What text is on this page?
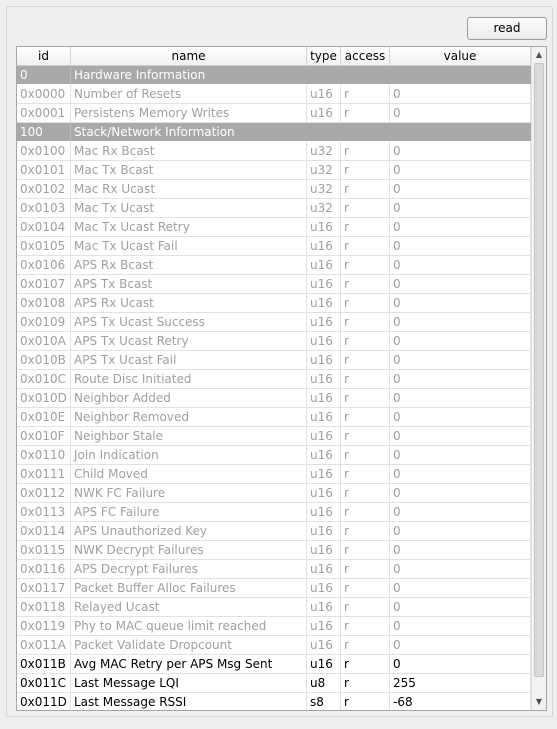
read
id	name	type access	value
0	Hardware Information
0x0000 Number of Resets	u16 r	0
0x0001 Persistens Memory Writes	u16 r	0
100	Stack/Network Information
0x0100 Mac Rx Bcast	u32 r	0
0x0101 Mac Tx Bcast	u32 r	0
0x0102 Mac Rx Ucast	u32 r	0
0x0103 Mac Tx Ucast	u32 r	0
0x0104 Mac Tx Ucast Retry	u16 r	0
0x0105 Mac Tx Ucast Fail	u16 r	0
0x0106 APS Rx Bcast	u16 r	0
0x0107 APS Tx Bcast	u16 r	0
0x0108 APS Rx Ucast	u16 r	0
0x0109 APS Tx Ucast Success	u16 r	0
0x010A APS Tx Ucast Retry	u16 r	0
0x010B APS Tx Ucast Fail	u16 r	0
0x010C Route Disc Initiated	u16 r	0
0x010D Neighbor Added	u16 r	0
0x010E Neighbor Removed	u16 r	0
0x010F Neighbor Stale	u16 r	0
0x0110 Join Indication	u16 r	0
0x0111 Child Moved	u16 r	0
0x0112 NWK FC Failure	u16 r	0
0x0113 APS FC Failure	u16 r	0
0x0114 APS Unauthorized Key	u16 r	0
0x0115 NWK Decrypt Failures	u16 r	0
0x0116 APS Decrypt Failures	u16 r	0
0x0117 Packet Buffer Alloc Failures	u16 r	0
0x0118 Relayed Ucast	u16 r	0
0x0119 Phy to MAC queue limit reached	u16 r	0
0x011A Packet Validate Dropcount	u16 r	0
0x011B Avg MAC Retry per APS Msg Sent	u16 r	0
0x011C Last Message LQI	u8	r	255
0x011D Last Message RSSI	s8	r	-68
▲
▼
